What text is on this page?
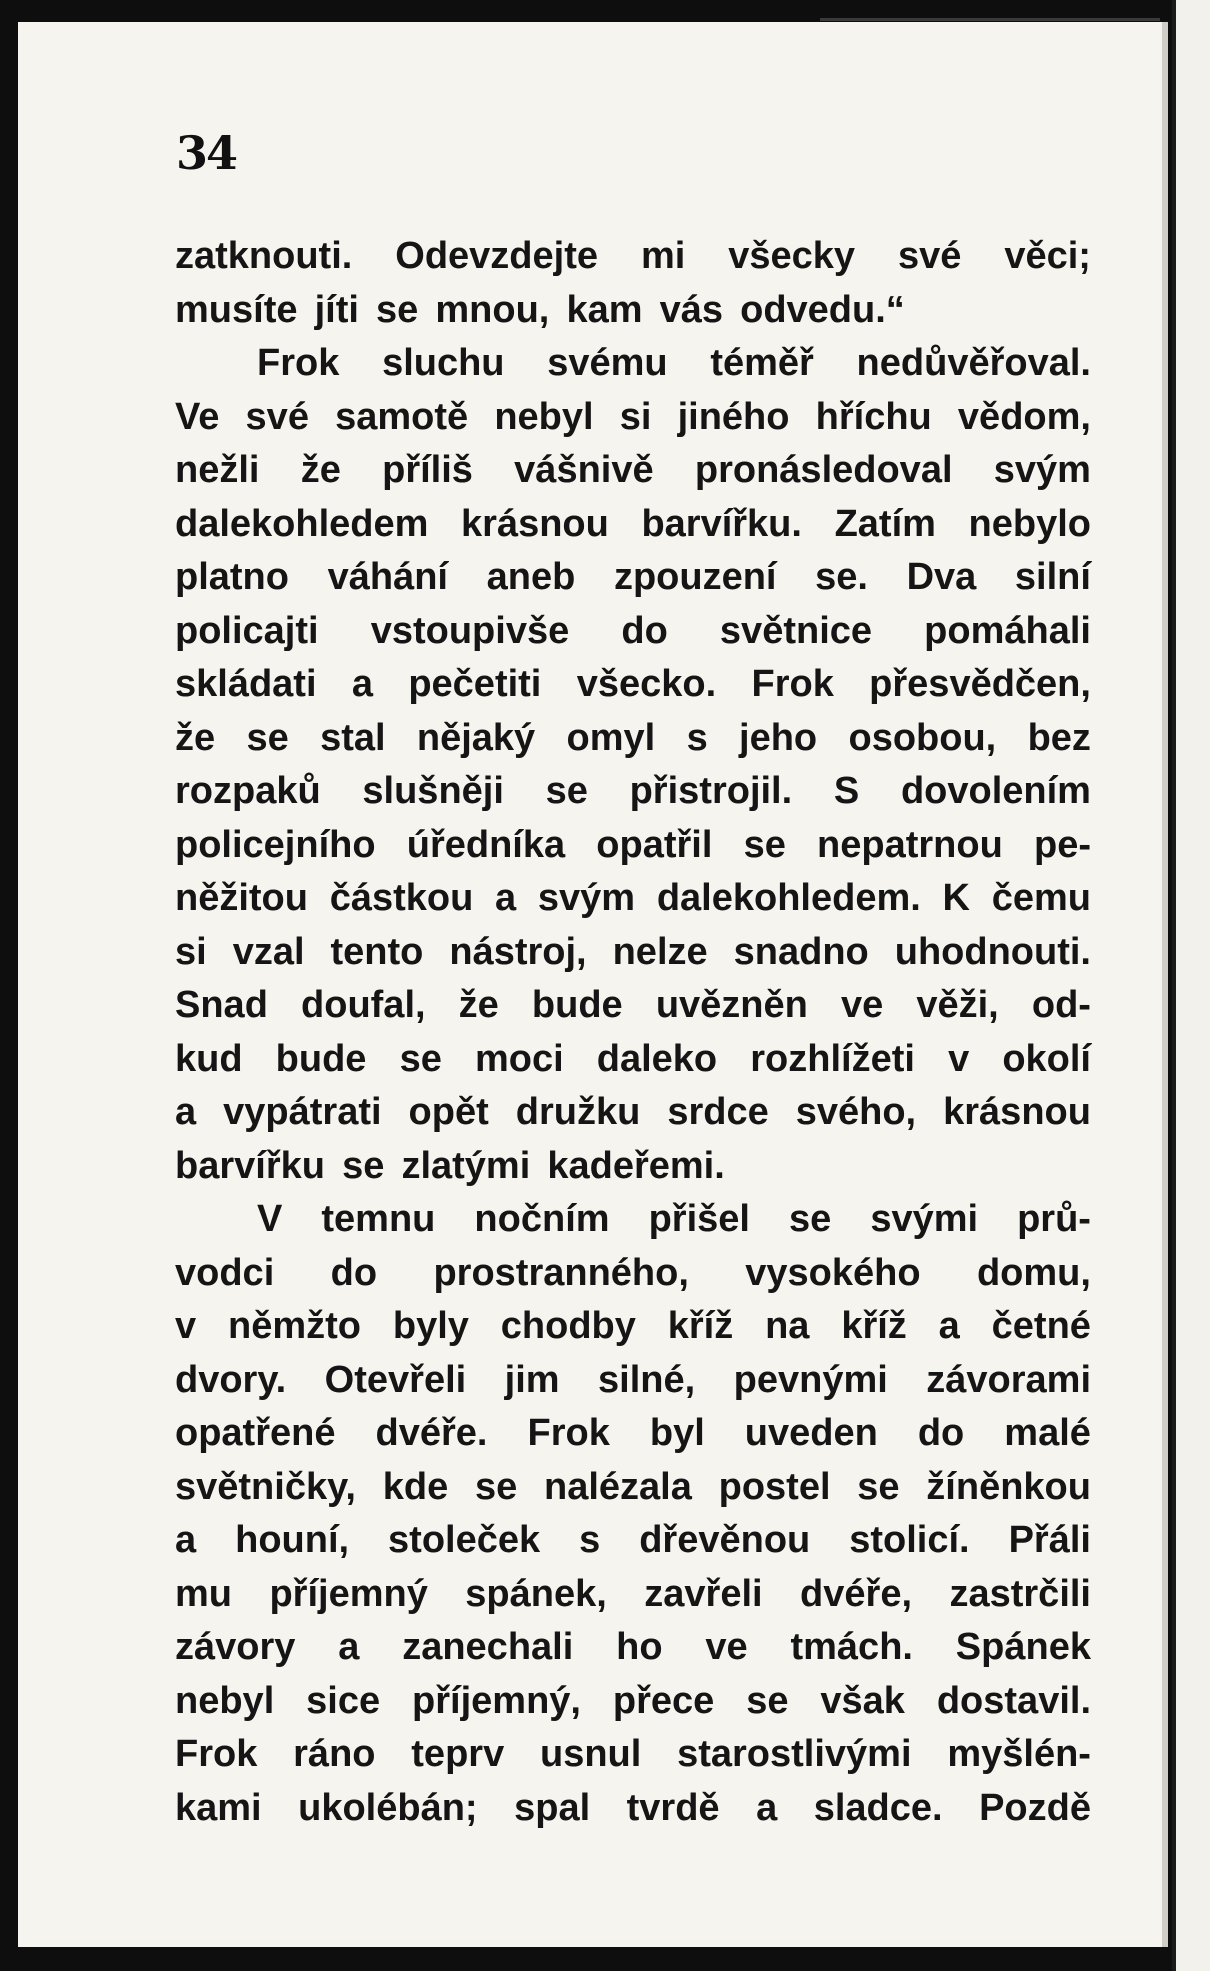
34
zatknouti. Odevzdejte mi všecky své věci;
musíte jíti se mnou, kam vás odvedu.“
Frok sluchu svému téměř nedůvěřoval.
Ve své samotě nebyl si jiného hříchu vědom,
nežli že příliš vášnivě pronásledoval svým
dalekohledem krásnou barvířku. Zatím nebylo
platno váhání aneb zpouzení se. Dva silní
policajti vstoupivše do světnice pomáhali
skládati a pečetiti všecko. Frok přesvědčen,
že se stal nějaký omyl s jeho osobou, bez
rozpaků slušněji se přistrojil. S dovolením
policejního úředníka opatřil se nepatrnou pe-
něžitou částkou a svým dalekohledem. K čemu
si vzal tento nástroj, nelze snadno uhodnouti.
Snad doufal, že bude uvězněn ve věži, od-
kud bude se moci daleko rozhlížeti v okolí
a vypátrati opět družku srdce svého, krásnou
barvířku se zlatými kadeřemi.
V temnu nočním přišel se svými prů-
vodci do prostranného, vysokého domu,
v němžto byly chodby kříž na kříž a četné
dvory. Otevřeli jim silné, pevnými závorami
opatřené dvéře. Frok byl uveden do malé
světničky, kde se nalézala postel se žíněnkou
a houní, stoleček s dřevěnou stolicí. Přáli
mu příjemný spánek, zavřeli dvéře, zastrčili
závory a zanechali ho ve tmách. Spánek
nebyl sice příjemný, přece se však dostavil.
Frok ráno teprv usnul starostlivými myšlén-
kami ukolébán; spal tvrdě a sladce. Pozdě
